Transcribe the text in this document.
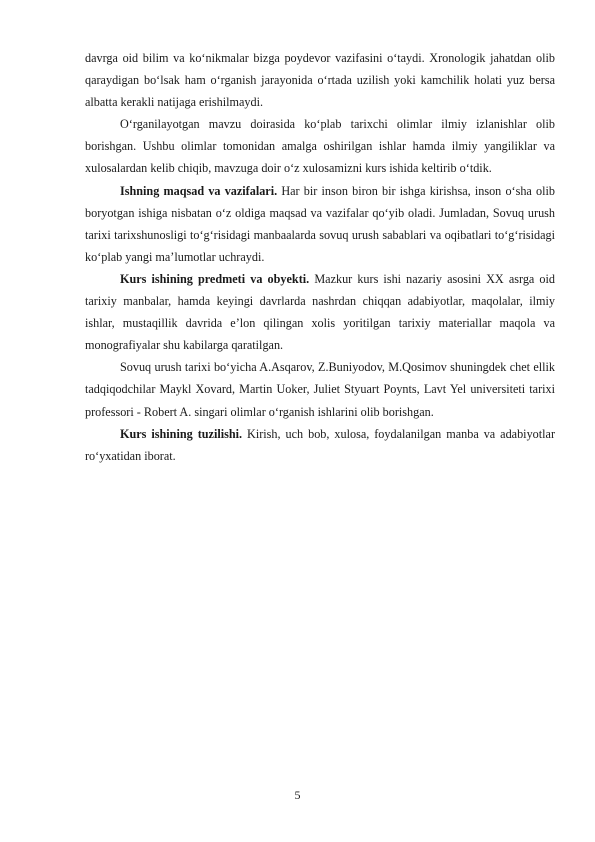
davrga oid bilim va koʻnikmalar bizga poydevor vazifasini oʻtaydi. Xronologik jahatdan olib qaraydigan boʻlsak ham oʻrganish jarayonida oʻrtada uzilish yoki kamchilik holati yuz bersa albatta kerakli natijaga erishilmaydi.

Oʻrganilayotgan mavzu doirasida koʻplab tarixchi olimlar ilmiy izlanishlar olib borishgan. Ushbu olimlar tomonidan amalga oshirilgan ishlar hamda ilmiy yangiliklar va xulosalardan kelib chiqib, mavzuga doir oʻz xulosamizni kurs ishida keltirib oʻtdik.

Ishning maqsad va vazifalari. Har bir inson biron bir ishga kirishsa, inson oʻsha olib boryotgan ishiga nisbatan oʻz oldiga maqsad va vazifalar qoʻyib oladi. Jumladan, Sovuq urush tarixi tarixshunosligi toʻgʻrisidagi manbaalarda sovuq urush sabablari va oqibatlari toʻgʻrisidagi koʻplab yangi ma’lumotlar uchraydi.

Kurs ishining predmeti va obyekti. Mazkur kurs ishi nazariy asosini XX asrga oid tarixiy manbalar, hamda keyingi davrlarda nashrdan chiqqan adabiyotlar, maqolalar, ilmiy ishlar, mustaqillik davrida e’lon qilingan xolis yoritilgan tarixiy materiallar maqola va monografiyalar shu kabilarga qaratilgan.

Sovuq urush tarixi boʻyicha A.Asqarov, Z.Buniyodov, M.Qosimov shuningdek chet ellik tadqiqodchilar Maykl Xovard, Martin Uoker, Juliet Styuart Poynts, Lavt Yel universiteti tarixi professori - Robert A. singari olimlar oʻrganish ishlarini olib borishgan.

Kurs ishining tuzilishi. Kirish, uch bob, xulosa, foydalanilgan manba va adabiyotlar roʻyxatidan iborat.

5
